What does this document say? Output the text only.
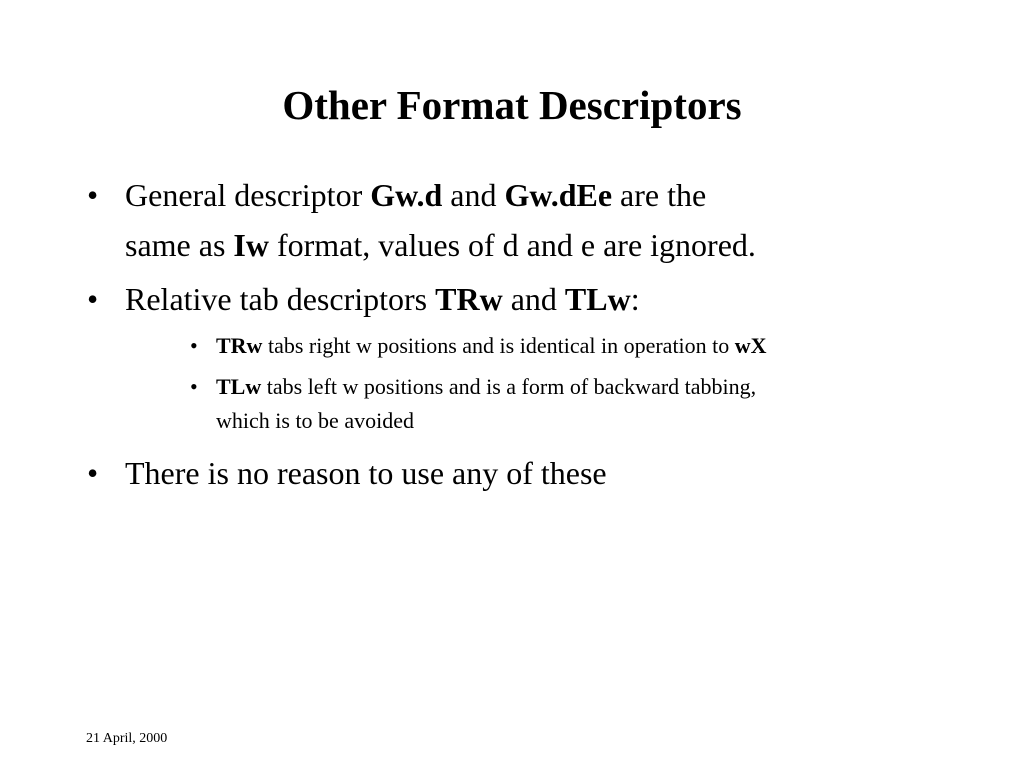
Other Format Descriptors
• General descriptor Gw.d and Gw.dEe are the
same as Iw format, values of d and e are ignored.
• Relative tab descriptors TRw and TLw:
• TRw tabs right w positions and is identical in operation to wX
• TLw tabs left w positions and is a form of backward tabbing,
which is to be avoided
• There is no reason to use any of these
21 April, 2000
